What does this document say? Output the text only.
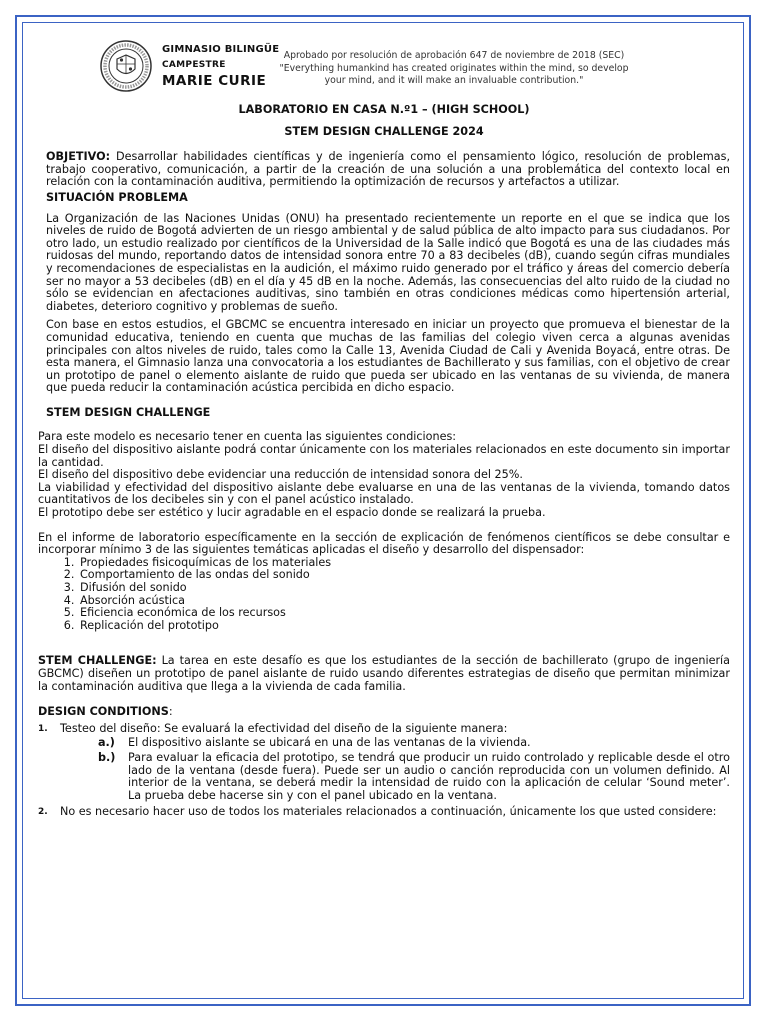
GIMNASIO BILINGÜE
CAMPESTRE
MARIE CURIE
Aprobado por resolución de aprobación 647 de noviembre de 2018 (SEC)
"Everything humankind has created originates within the mind, so develop
your mind, and it will make an invaluable contribution."

LABORATORIO EN CASA N.º1 – (HIGH SCHOOL)

STEM DESIGN CHALLENGE 2024

OBJETIVO: Desarrollar habilidades científicas y de ingeniería como el pensamiento lógico, resolución de problemas, trabajo cooperativo, comunicación, a partir de la creación de una solución a una problemática del contexto local en relación con la contaminación auditiva, permitiendo la optimización de recursos y artefactos a utilizar.

SITUACIÓN PROBLEMA

La Organización de las Naciones Unidas (ONU) ha presentado recientemente un reporte en el que se indica que los niveles de ruido de Bogotá advierten de un riesgo ambiental y de salud pública de alto impacto para sus ciudadanos. Por otro lado, un estudio realizado por científicos de la Universidad de la Salle indicó que Bogotá es una de las ciudades más ruidosas del mundo, reportando datos de intensidad sonora entre 70 a 83 decibeles (dB), cuando según cifras mundiales y recomendaciones de especialistas en la audición, el máximo ruido generado por el tráfico y áreas del comercio debería ser no mayor a 53 decibeles (dB) en el día y 45 dB en la noche. Además, las consecuencias del alto ruido de la ciudad no sólo se evidencian en afectaciones auditivas, sino también en otras condiciones médicas como hipertensión arterial, diabetes, deterioro cognitivo y problemas de sueño.

Con base en estos estudios, el GBCMC se encuentra interesado en iniciar un proyecto que promueva el bienestar de la comunidad educativa, teniendo en cuenta que muchas de las familias del colegio viven cerca a algunas avenidas principales con altos niveles de ruido, tales como la Calle 13, Avenida Ciudad de Cali y Avenida Boyacá, entre otras. De esta manera, el Gimnasio lanza una convocatoria a los estudiantes de Bachillerato y sus familias, con el objetivo de crear un prototipo de panel o elemento aislante de ruido que pueda ser ubicado en las ventanas de su vivienda, de manera que pueda reducir la contaminación acústica percibida en dicho espacio.

STEM DESIGN CHALLENGE

Para este modelo es necesario tener en cuenta las siguientes condiciones:

El diseño del dispositivo aislante podrá contar únicamente con los materiales relacionados en este documento sin importar la cantidad.

El diseño del dispositivo debe evidenciar una reducción de intensidad sonora del 25%.

La viabilidad y efectividad del dispositivo aislante debe evaluarse en una de las ventanas de la vivienda, tomando datos cuantitativos de los decibeles sin y con el panel acústico instalado.

El prototipo debe ser estético y lucir agradable en el espacio donde se realizará la prueba.

En el informe de laboratorio específicamente en la sección de explicación de fenómenos científicos se debe consultar e incorporar mínimo 3 de las siguientes temáticas aplicadas el diseño y desarrollo del dispensador:

1. Propiedades fisicoquímicas de los materiales
2. Comportamiento de las ondas del sonido
3. Difusión del sonido
4. Absorción acústica
5. Eficiencia económica de los recursos
6. Replicación del prototipo

STEM CHALLENGE: La tarea en este desafío es que los estudiantes de la sección de bachillerato (grupo de ingeniería GBCMC) diseñen un prototipo de panel aislante de ruido usando diferentes estrategias de diseño que permitan minimizar la contaminación auditiva que llega a la vivienda de cada familia.

DESIGN CONDITIONS:

1.	Testeo del diseño: Se evaluará la efectividad del diseño de la siguiente manera:
a.)	El dispositivo aislante se ubicará en una de las ventanas de la vivienda.
b.)	Para evaluar la eficacia del prototipo, se tendrá que producir un ruido controlado y replicable desde el otro lado de la ventana (desde fuera). Puede ser un audio o canción reproducida con un volumen definido. Al interior de la ventana, se deberá medir la intensidad de ruido con la aplicación de celular ‘Sound meter’. La prueba debe hacerse sin y con el panel ubicado en la ventana.
2.	No es necesario hacer uso de todos los materiales relacionados a continuación, únicamente los que usted considere:
